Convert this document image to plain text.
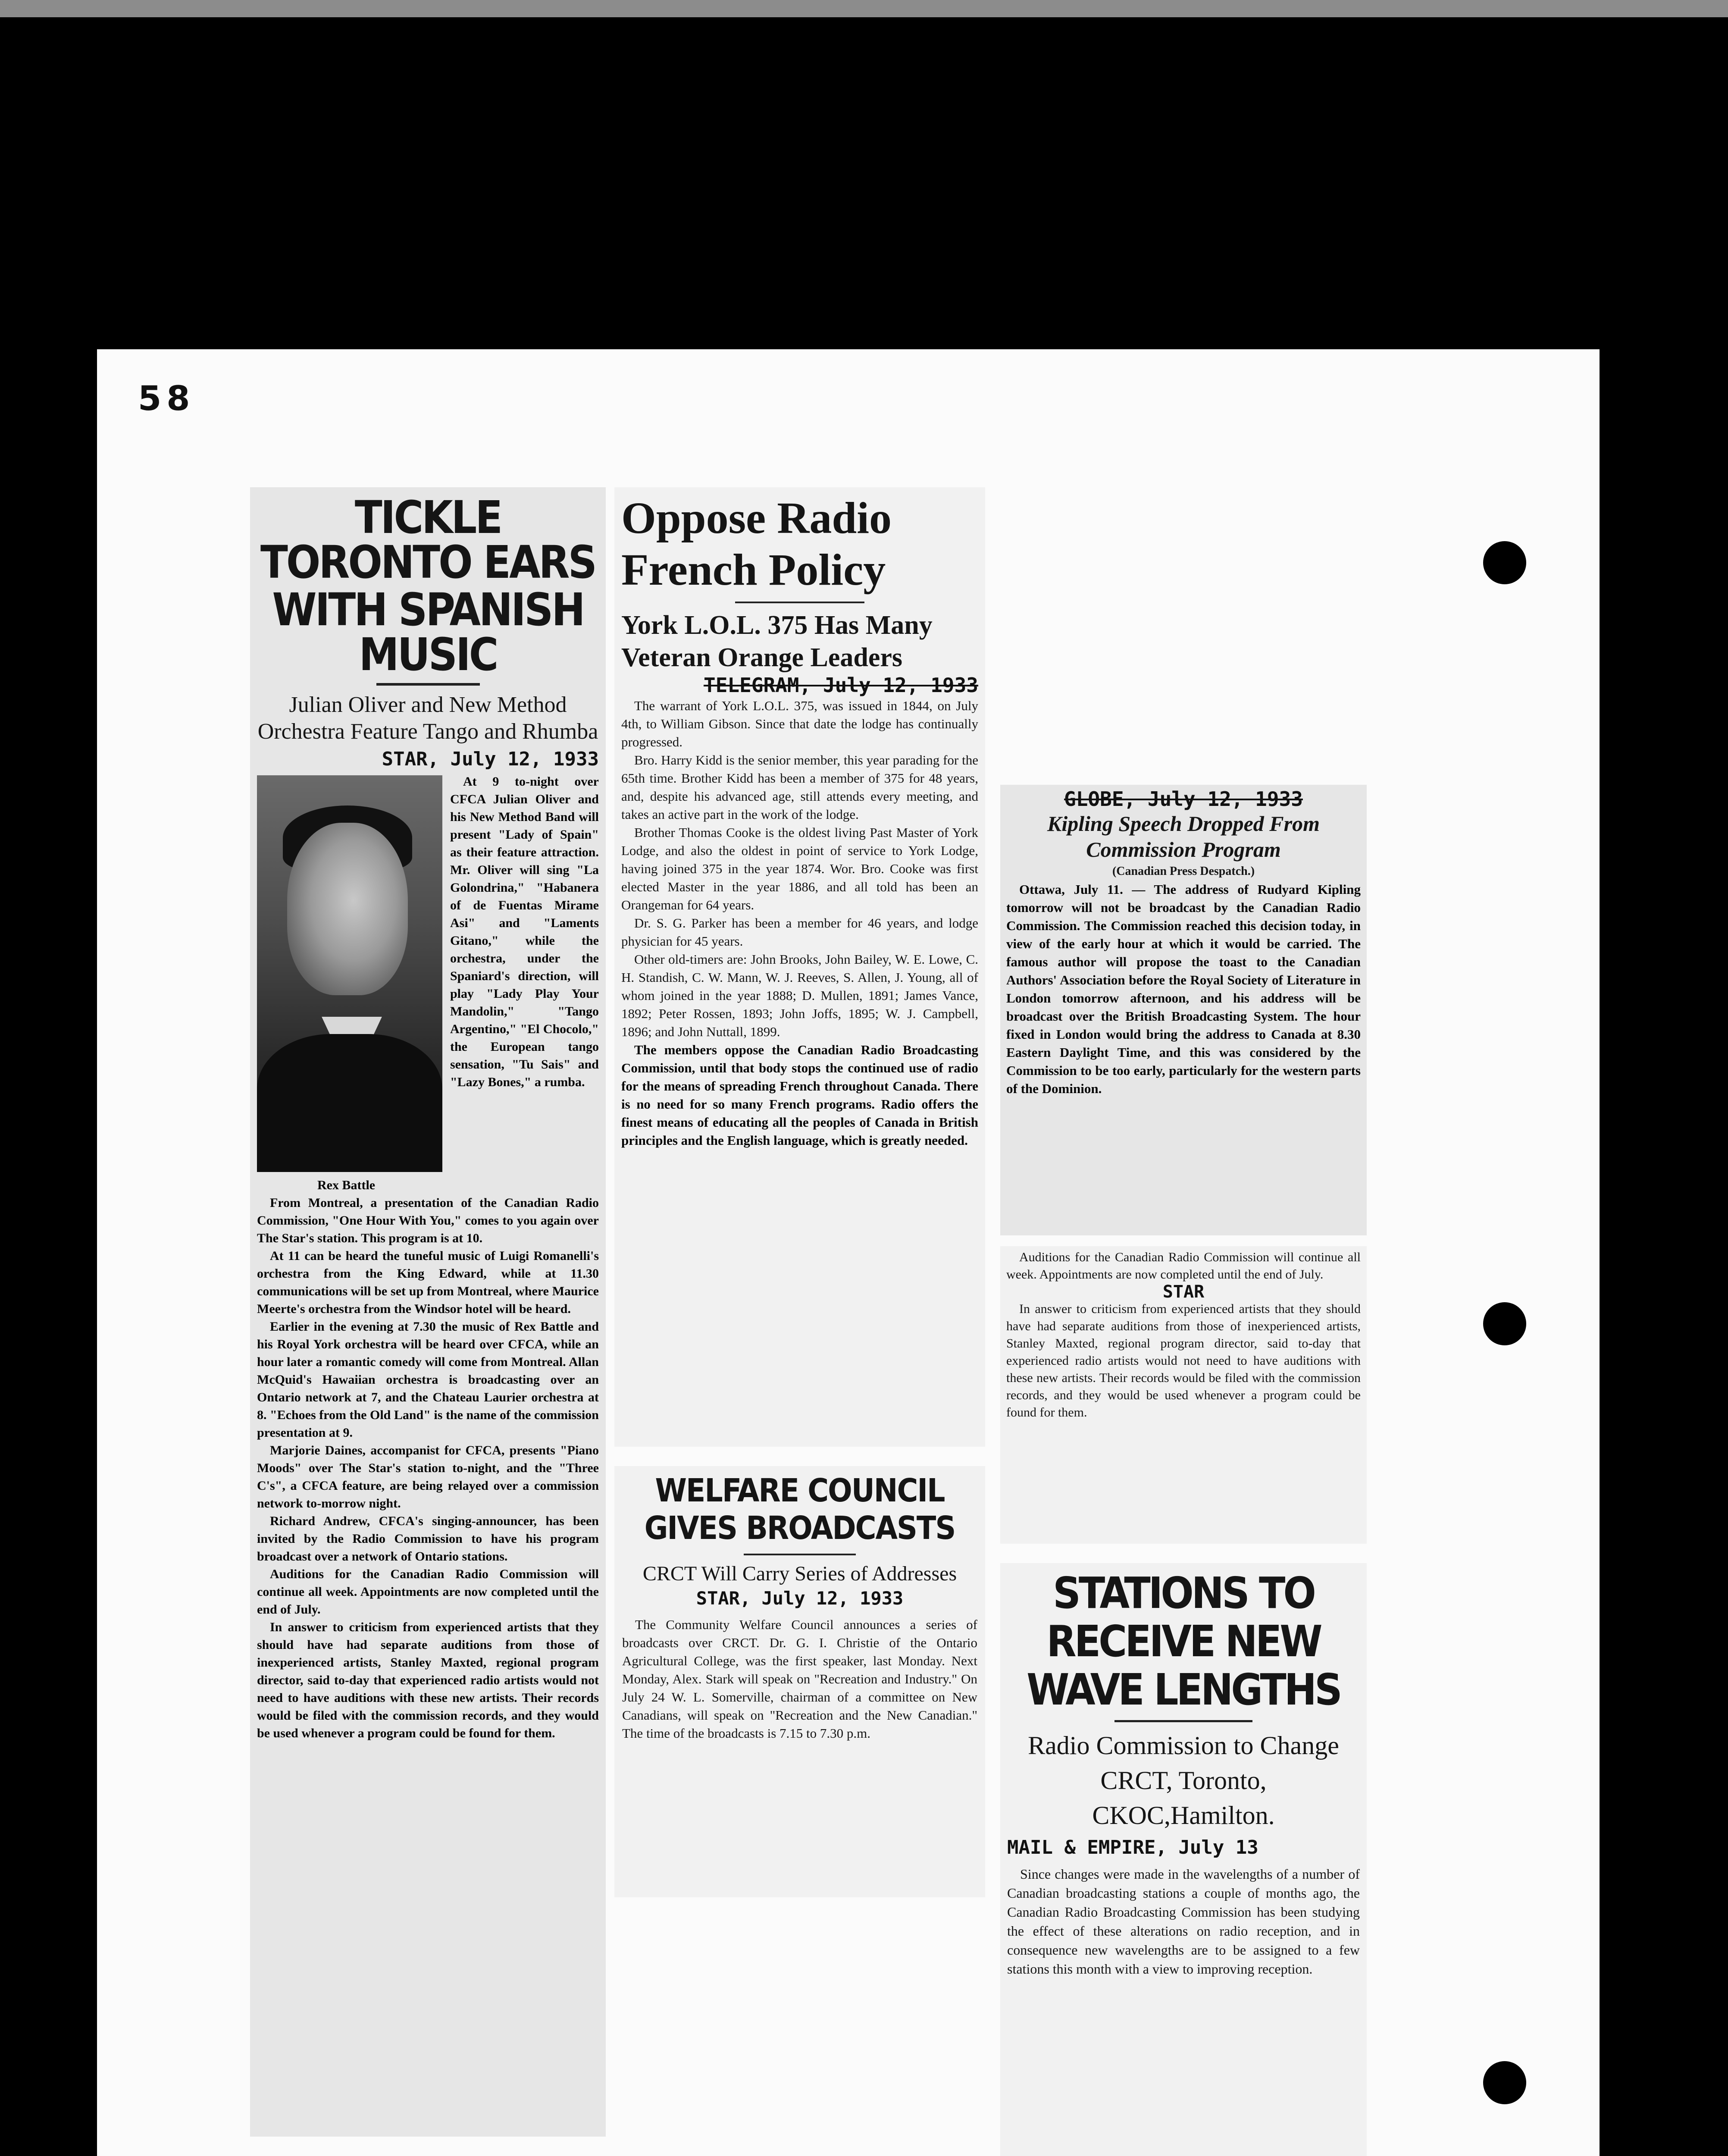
58

TICKLE TORONTO EARS

WITH SPANISH MUSIC

Julian Oliver and New Method Orchestra Feature Tango and Rhumba

STAR, July 12, 1933

At 9 to-night over CFCA Julian Oliver and his New Method Band will present "Lady of Spain" as their feature attraction. Mr. Oliver will sing "La Golondrina," "Habanera of de Fuentas Mirame Asi" and "Laments Gitano," while the orchestra, under the Spaniard's direction, will play "Lady Play Your Mandolin," "Tango Argentino," "El Chocolo," the European tango sensation, "Tu Sais" and "Lazy Bones," a rumba.

Rex Battle

From Montreal, a presentation of the Canadian Radio Commission, "One Hour With You," comes to you again over The Star's station. This program is at 10.

At 11 can be heard the tuneful music of Luigi Romanelli's orchestra from the King Edward, while at 11.30 communications will be set up from Montreal, where Maurice Meerte's orchestra from the Windsor hotel will be heard.

Earlier in the evening at 7.30 the music of Rex Battle and his Royal York orchestra will be heard over CFCA, while an hour later a romantic comedy will come from Montreal. Allan McQuid's Hawaiian orchestra is broadcasting over an Ontario network at 7, and the Chateau Laurier orchestra at 8. "Echoes from the Old Land" is the name of the commission presentation at 9.

Marjorie Daines, accompanist for CFCA, presents "Piano Moods" over The Star's station to-night, and the "Three C's", a CFCA feature, are being relayed over a commission network to-morrow night.

Richard Andrew, CFCA's singing-announcer, has been invited by the Radio Commission to have his program broadcast over a network of Ontario stations.

Auditions for the Canadian Radio Commission will continue all week. Appointments are now completed until the end of July.

In answer to criticism from experienced artists that they should have had separate auditions from those of inexperienced artists, Stanley Maxted, regional program director, said to-day that experienced radio artists would not need to have auditions with these new artists. Their records would be filed with the commission records, and they would be used whenever a program could be found for them.

Oppose Radio French Policy

York L.O.L. 375 Has Many Veteran Orange Leaders

TELEGRAM, July 12, 1933

The warrant of York L.O.L. 375, was issued in 1844, on July 4th, to William Gibson. Since that date the lodge has continually progressed.

Bro. Harry Kidd is the senior member, this year parading for the 65th time. Brother Kidd has been a member of 375 for 48 years, and, despite his advanced age, still attends every meeting, and takes an active part in the work of the lodge.

Brother Thomas Cooke is the oldest living Past Master of York Lodge, and also the oldest in point of service to York Lodge, having joined 375 in the year 1874. Wor. Bro. Cooke was first elected Master in the year 1886, and all told has been an Orangeman for 64 years.

Dr. S. G. Parker has been a member for 46 years, and lodge physician for 45 years.

Other old-timers are: John Brooks, John Bailey, W. E. Lowe, C. H. Standish, C. W. Mann, W. J. Reeves, S. Allen, J. Young, all of whom joined in the year 1888; D. Mullen, 1891; James Vance, 1892; Peter Rossen, 1893; John Joffs, 1895; W. J. Campbell, 1896; and John Nuttall, 1899.

The members oppose the Canadian Radio Broadcasting Commission, until that body stops the continued use of radio for the means of spreading French throughout Canada. There is no need for so many French programs. Radio offers the finest means of educating all the peoples of Canada in British principles and the English language, which is greatly needed.

GLOBE, July 12, 1933

Kipling Speech Dropped From Commission Program

(Canadian Press Despatch.)

Ottawa, July 11. — The address of Rudyard Kipling tomorrow will not be broadcast by the Canadian Radio Commission. The Commission reached this decision today, in view of the early hour at which it would be carried. The famous author will propose the toast to the Canadian Authors' Association before the Royal Society of Literature in London tomorrow afternoon, and his address will be broadcast over the British Broadcasting System. The hour fixed in London would bring the address to Canada at 8.30 Eastern Daylight Time, and this was considered by the Commission to be too early, particularly for the western parts of the Dominion.

Auditions for the Canadian Radio Commission will continue all week. Appointments are now completed until the end of July.

STAR

In answer to criticism from experienced artists that they should have had separate auditions from those of inexperienced artists, Stanley Maxted, regional program director, said to-day that experienced radio artists would not need to have auditions with these new artists. Their records would be filed with the commission records, and they would be used whenever a program could be found for them.

WELFARE COUNCIL GIVES BROADCASTS

CRCT Will Carry Series of Addresses

STAR, July 12, 1933

The Community Welfare Council announces a series of broadcasts over CRCT. Dr. G. I. Christie of the Ontario Agricultural College, was the first speaker, last Monday. Next Monday, Alex. Stark will speak on "Recreation and Industry." On July 24 W. L. Somerville, chairman of a committee on New Canadians, will speak on "Recreation and the New Canadian." The time of the broadcasts is 7.15 to 7.30 p.m.

STATIONS TO RECEIVE NEW WAVE LENGTHS

Radio Commission to Change CRCT, Toronto, CKOC,Hamilton.

MAIL & EMPIRE, July 13

Since changes were made in the wavelengths of a number of Canadian broadcasting stations a couple of months ago, the Canadian Radio Broadcasting Commission has been studying the effect of these alterations on radio reception, and in consequence new wavelengths are to be assigned to a few stations this month with a view to improving reception.
